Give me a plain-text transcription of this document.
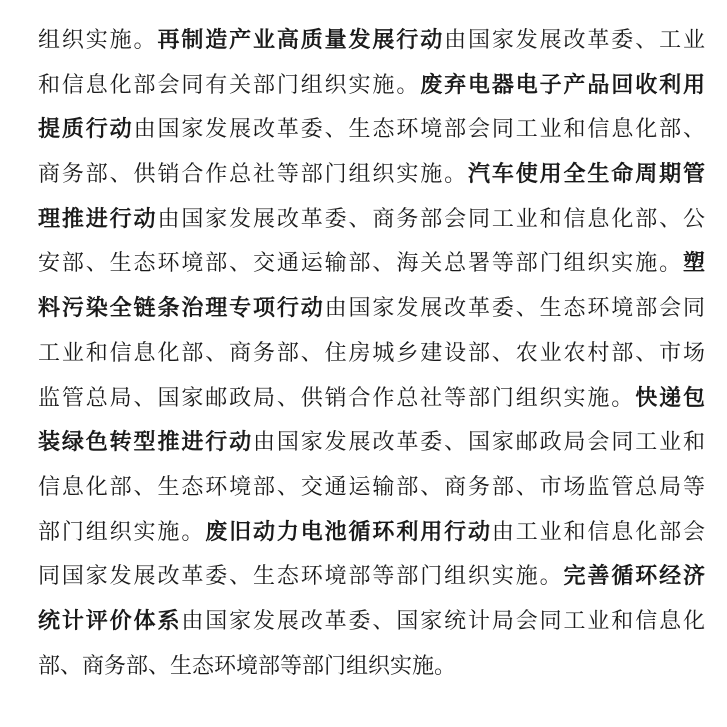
组织实施。再制造产业高质量发展行动由国家发展改革委、工业
和信息化部会同有关部门组织实施。废弃电器电子产品回收利用
提质行动由国家发展改革委、生态环境部会同工业和信息化部、
商务部、供销合作总社等部门组织实施。汽车使用全生命周期管
理推进行动由国家发展改革委、商务部会同工业和信息化部、公
安部、生态环境部、交通运输部、海关总署等部门组织实施。塑
料污染全链条治理专项行动由国家发展改革委、生态环境部会同
工业和信息化部、商务部、住房城乡建设部、农业农村部、市场
监管总局、国家邮政局、供销合作总社等部门组织实施。快递包
装绿色转型推进行动由国家发展改革委、国家邮政局会同工业和
信息化部、生态环境部、交通运输部、商务部、市场监管总局等
部门组织实施。废旧动力电池循环利用行动由工业和信息化部会
同国家发展改革委、生态环境部等部门组织实施。完善循环经济
统计评价体系由国家发展改革委、国家统计局会同工业和信息化
部、商务部、生态环境部等部门组织实施。
